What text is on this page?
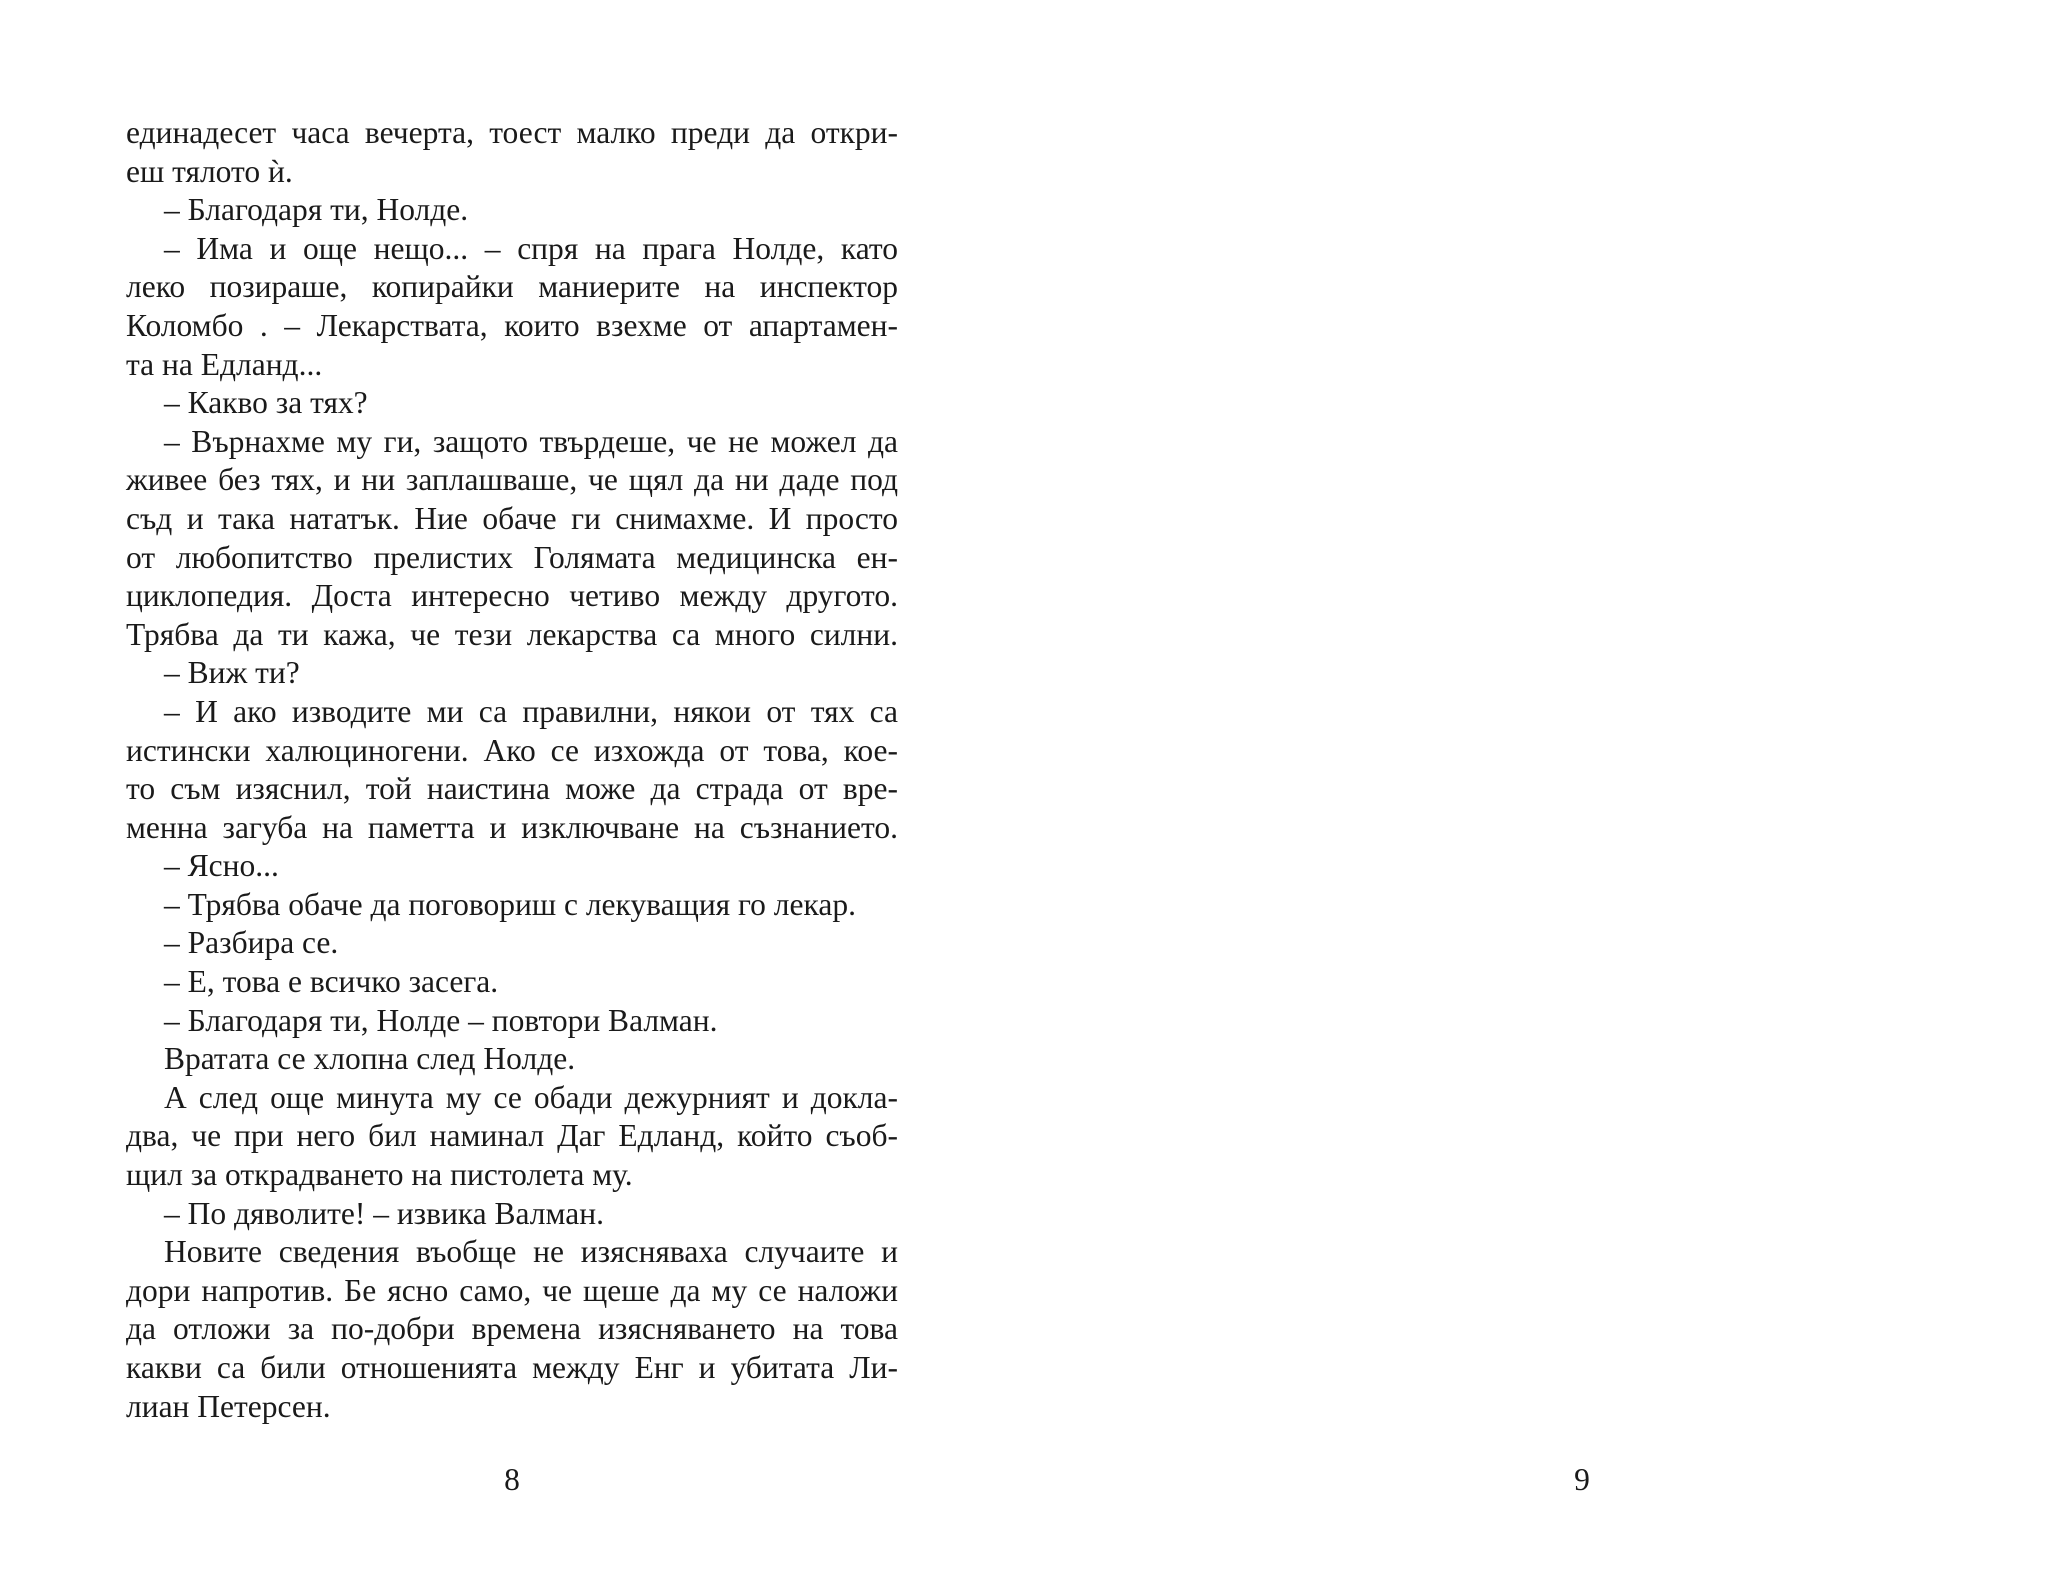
единадесет часа вечерта, тоест малко преди да откри-
еш тялото ѝ.
– Благодаря ти, Нолде.
– Има и още нещо... – спря на прага Нолде, като
леко позираше, копирайки маниерите на инспектор
Коломбо . – Лекарствата, които взехме от апартамен-
та на Едланд...
– Какво за тях?
– Върнахме му ги, защото твърдеше, че не можел да
живее без тях, и ни заплашваше, че щял да ни даде под
съд и така нататък. Ние обаче ги снимахме. И просто
от любопитство прелистих Голямата медицинска ен-
циклопедия. Доста интересно четиво между другото.
Трябва да ти кажа, че тези лекарства са много силни.
– Виж ти?
– И ако изводите ми са правилни, някои от тях са
истински халюциногени. Ако се изхожда от това, кое-
то съм изяснил, той наистина може да страда от вре-
менна загуба на паметта и изключване на съзнанието.
– Ясно...
– Трябва обаче да поговориш с лекуващия го лекар.
– Разбира се.
– Е, това е всичко засега.
– Благодаря ти, Нолде – повтори Валман.
Вратата се хлопна след Нолде.
А след още минута му се обади дежурният и докла-
два, че при него бил наминал Даг Едланд, който съоб-
щил за открадването на пистолета му.
– По дяволите! – извика Валман.
Новите сведения въобще не изясняваха случаите и
дори напротив. Бе ясно само, че щеше да му се наложи
да отложи за по-добри времена изясняването на това
какви са били отношенията между Енг и убитата Ли-
лиан Петерсен.
8	9
